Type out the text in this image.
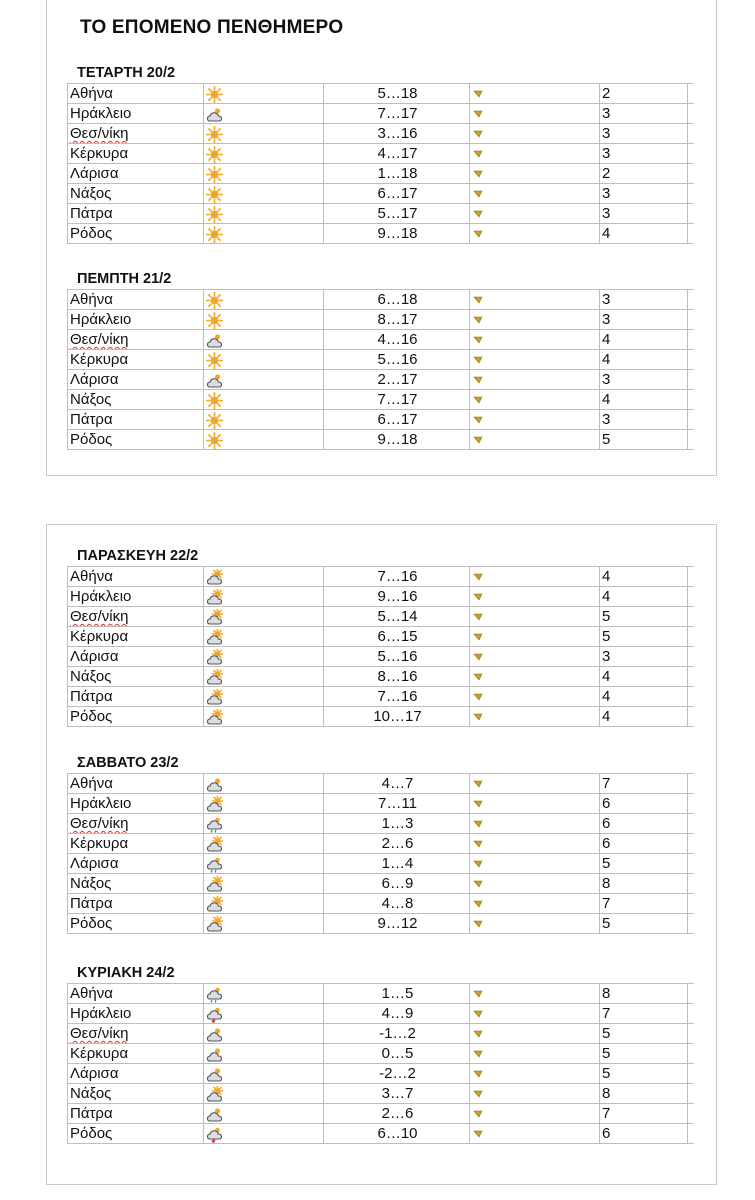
ΤΟ ΕΠΟΜΕΝΟ ΠΕΝΘΗΜΕΡΟ
ΤΕΤΑΡΤΗ 20/2
Αθήνα		5…18		2	
Ηράκλειο		7…17		3	
Θεσ/νίκη		3…16		3	
Κέρκυρα		4…17		3	
Λάρισα		1…18		2	
Νάξος		6…17		3	
Πάτρα		5…17		3	
Ρόδος		9…18		4	
ΠΕΜΠΤΗ 21/2
Αθήνα		6…18		3	
Ηράκλειο		8…17		3	
Θεσ/νίκη		4…16		4	
Κέρκυρα		5…16		4	
Λάρισα		2…17		3	
Νάξος		7…17		4	
Πάτρα		6…17		3	
Ρόδος		9…18		5	
ΠΑΡΑΣΚΕΥΗ 22/2
Αθήνα		7…16		4	
Ηράκλειο		9…16		4	
Θεσ/νίκη		5…14		5	
Κέρκυρα		6…15		5	
Λάρισα		5…16		3	
Νάξος		8…16		4	
Πάτρα		7…16		4	
Ρόδος		10…17		4	
ΣΑΒΒΑΤΟ 23/2
Αθήνα		4…7		7	
Ηράκλειο		7…11		6	
Θεσ/νίκη		1…3		6	
Κέρκυρα		2…6		6	
Λάρισα		1…4		5	
Νάξος		6…9		8	
Πάτρα		4…8		7	
Ρόδος		9…12		5	
ΚΥΡΙΑΚΗ 24/2
Αθήνα		1…5		8	
Ηράκλειο		4…9		7	
Θεσ/νίκη		-1…2		5	
Κέρκυρα		0…5		5	
Λάρισα		-2…2		5	
Νάξος		3…7		8	
Πάτρα		2…6		7	
Ρόδος		6…10		6	
